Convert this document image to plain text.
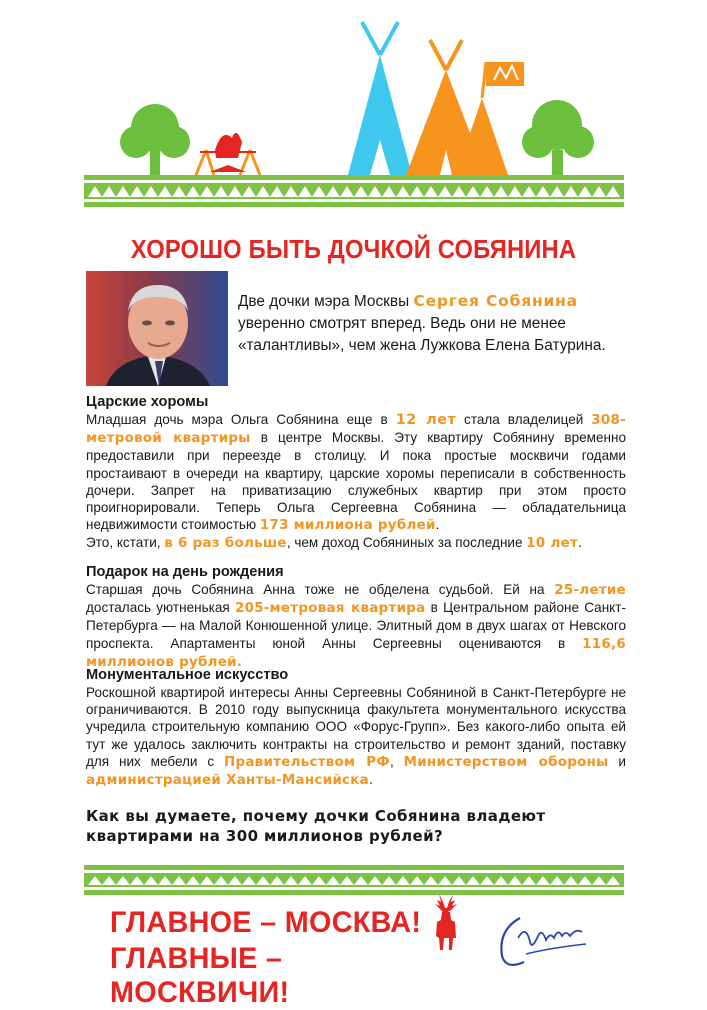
ХОРОШО БЫТЬ ДОЧКОЙ СОБЯНИНА
Две дочки мэра Москвы Сергея Собянина уверенно смотрят вперед. Ведь они не менее «талантливы», чем жена Лужкова Елена Батурина.

Царские хоромы

Младшая дочь мэра Ольга Собянина еще в 12 лет стала владелицей 308-метровой квартиры в центре Москвы. Эту квартиру Собянину временно предоставили при переезде в столицу. И пока простые москвичи годами простаивают в очереди на квартиру, царские хоромы переписали в собственность дочери. Запрет на приватизацию служебных квартир при этом просто проигнорировали. Теперь Ольга Сергеевна Собянина — обладательница недвижимости стоимостью 173 миллиона рублей.

Это, кстати, в 6 раз больше, чем доход Собяниных за последние 10 лет.

Подарок на день рождения

Старшая дочь Собянина Анна тоже не обделена судьбой. Ей на 25-летие досталась уютненькая 205-метровая квартира в Центральном районе Санкт-Петербурга — на Малой Конюшенной улице. Элитный дом в двух шагах от Невского проспекта. Апартаменты юной Анны Сергеевны оцениваются в 116,6 миллионов рублей.

Монументальное искусство

Роскошной квартирой интересы Анны Сергеевны Собяниной в Санкт-Петербурге не ограничиваются. В 2010 году выпускница факультета монументального искусства учредила строительную компанию ООО «Форус-Групп». Без какого-либо опыта ей тут же удалось заключить контракты на строительство и ремонт зданий, поставку для них мебели с Правительством РФ, Министерством обороны и администрацией Ханты-Мансийска.

Как вы думаете, почему дочки Собянина владеют квартирами на 300 миллионов рублей?
ГЛАВНОЕ – МОСКВА!
ГЛАВНЫЕ – МОСКВИЧИ!
